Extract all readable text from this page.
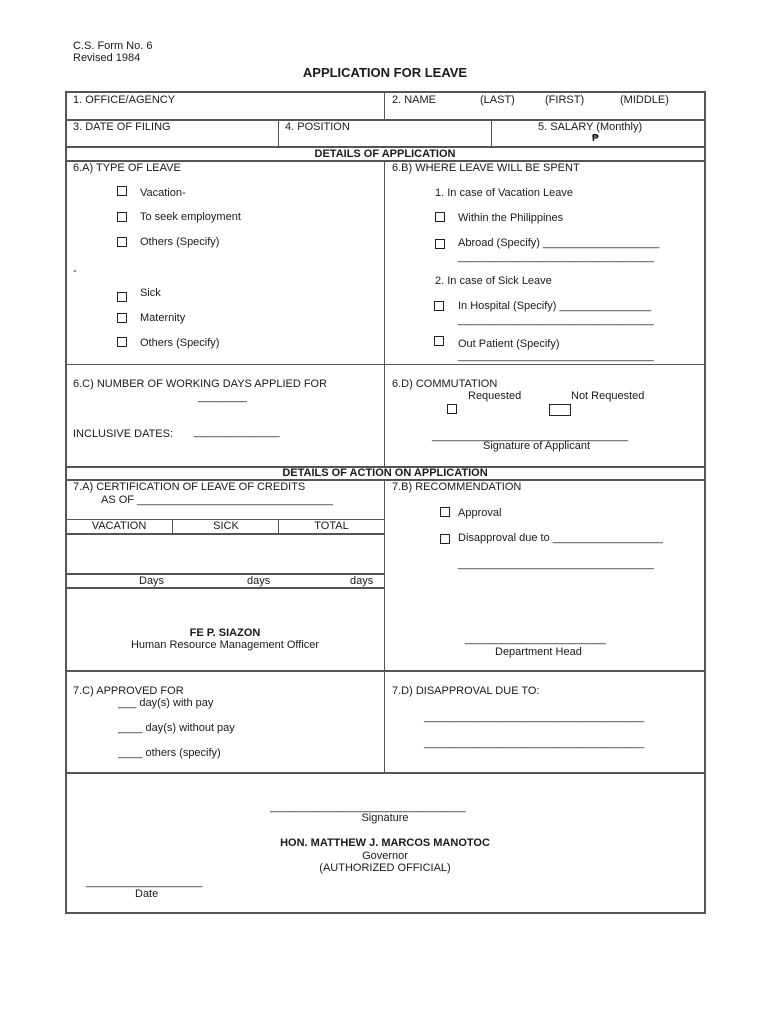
C.S. Form No. 6
Revised 1984
APPLICATION FOR LEAVE
1. OFFICE/AGENCY	2. NAME	(LAST)	(FIRST)	(MIDDLE)
3. DATE OF FILING	4. POSITION	5. SALARY (Monthly)
₱
DETAILS OF APPLICATION
6.A) TYPE OF LEAVE
Vacation-
To seek employment
Others (Specify)
-
Sick
Maternity
Others (Specify)
6.B) WHERE LEAVE WILL BE SPENT
1. In case of Vacation Leave
Within the Philippines
Abroad (Specify) ___________________
________________________________
2. In case of Sick Leave
In Hospital (Specify) _______________
________________________________
Out Patient (Specify)
________________________________
6.C) NUMBER OF WORKING DAYS APPLIED FOR
________
INCLUSIVE DATES: ______________
6.D) COMMUTATION
Requested	Not Requested
________________________________
Signature of Applicant
DETAILS OF ACTION ON APPLICATION
7.A) CERTIFICATION OF LEAVE OF CREDITS
AS OF ________________________________
VACATION	SICK	TOTAL
Days	days	days
FE P. SIAZON
Human Resource Management Officer
7.B) RECOMMENDATION
Approval
Disapproval due to __________________
________________________________
_______________________
Department Head
7.C) APPROVED FOR
___ day(s) with pay
____ day(s) without pay
____ others (specify)
7.D) DISAPPROVAL DUE TO:
____________________________________
____________________________________
________________________________
Signature
HON. MATTHEW J. MARCOS MANOTOC
Governor
(AUTHORIZED OFFICIAL)
___________________
Date
